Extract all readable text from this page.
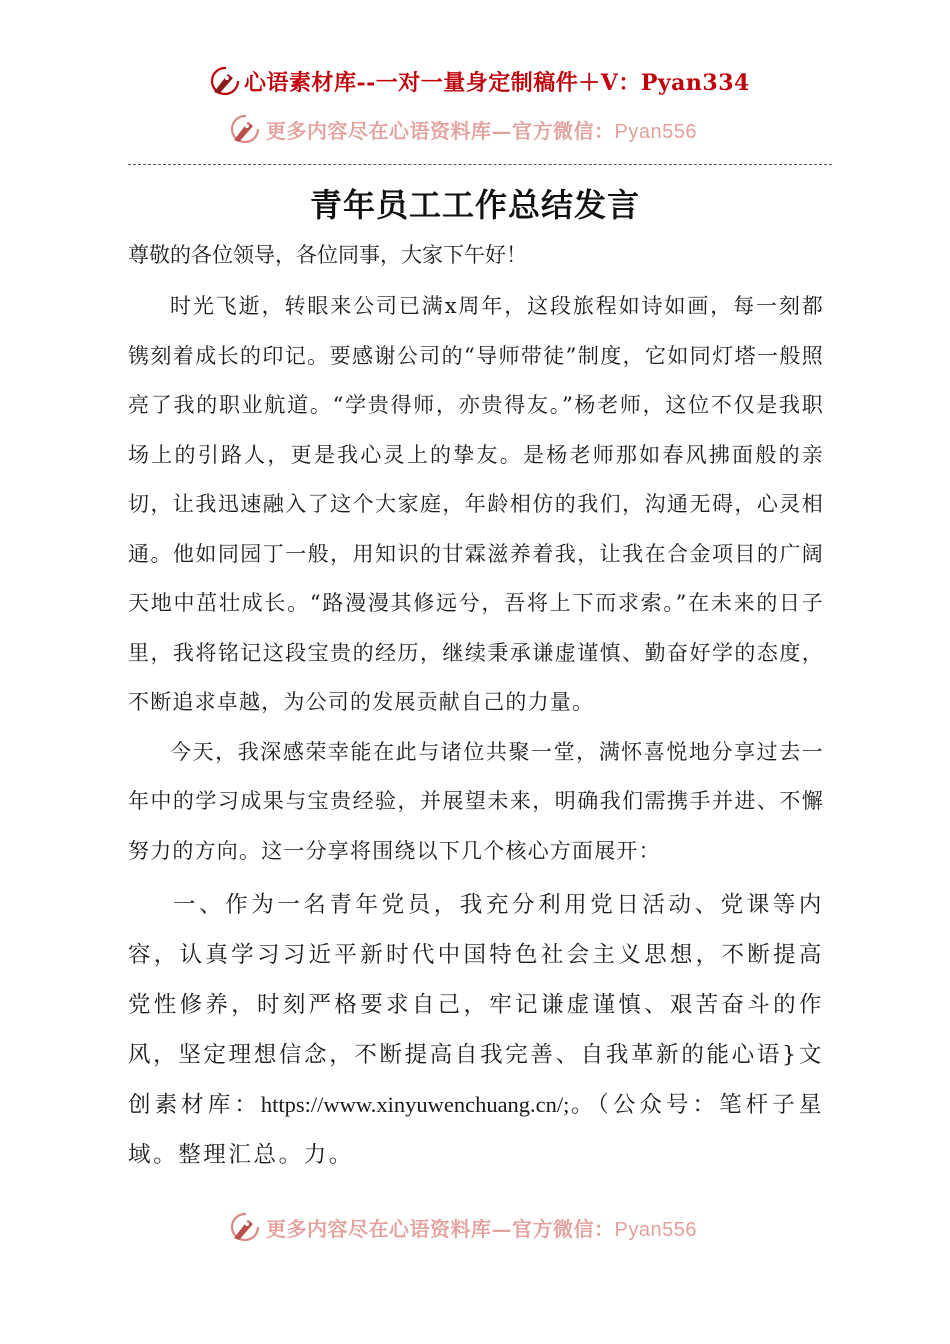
心语素材库--一对一量身定制稿件＋V：Pyan334
更多内容尽在心语资料库—官方微信：Pyan556
青年员工工作总结发言

尊敬的各位领导，各位同事，大家下午好！

时光飞逝，转眼来公司已满x周年，这段旅程如诗如画，每一刻都镌刻着成长的印记。要感谢公司的“导师带徒”制度，它如同灯塔一般照亮了我的职业航道。“学贵得师，亦贵得友。”杨老师，这位不仅是我职场上的引路人，更是我心灵上的挚友。是杨老师那如春风拂面般的亲切，让我迅速融入了这个大家庭，年龄相仿的我们，沟通无碍，心灵相通。他如同园丁一般，用知识的甘霖滋养着我，让我在合金项目的广阔天地中茁壮成长。“路漫漫其修远兮，吾将上下而求索。”在未来的日子里，我将铭记这段宝贵的经历，继续秉承谦虚谨慎、勤奋好学的态度，不断追求卓越，为公司的发展贡献自己的力量。

今天，我深感荣幸能在此与诸位共聚一堂，满怀喜悦地分享过去一年中的学习成果与宝贵经验，并展望未来，明确我们需携手并进、不懈努力的方向。这一分享将围绕以下几个核心方面展开：

一、作为一名青年党员，我充分利用党日活动、党课等内容，认真学习习近平新时代中国特色社会主义思想，不断提高党性修养，时刻严格要求自己，牢记谦虚谨慎、艰苦奋斗的作风，坚定理想信念，不断提高自我完善、自我革新的能心语}文创素材库：https://www.xinyuwenchuang.cn/;。（公众号：笔杆子星域。整理汇总。力。

更多内容尽在心语资料库—官方微信：Pyan556
